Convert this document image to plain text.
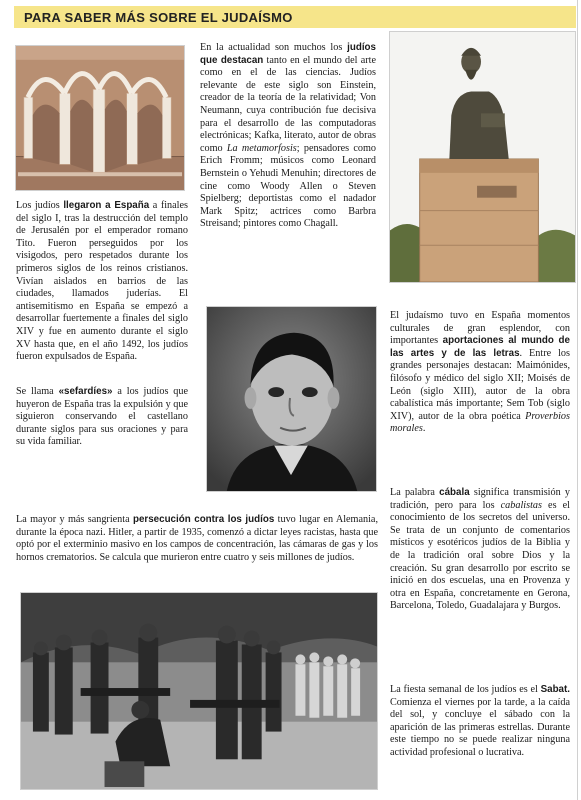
PARA SABER MÁS SOBRE EL JUDAÍSMO
Los judíos llegaron a España a finales del siglo I, tras la destrucción del templo de Jerusalén por el emperador romano Tito. Fueron perseguidos por los visigodos, pero respetados durante los primeros siglos de los reinos cristianos. Vivían aislados en barrios de las ciudades, llamados juderías. El antisemitismo en España se empezó a desarrollar fuertemente a finales del siglo XIV y fue en aumento durante el siglo XV hasta que, en el año 1492, los judíos fueron expulsados de España.
Se llama «sefardíes» a los judíos que huyeron de España tras la expulsión y que siguieron conservando el castellano durante siglos para sus oraciones y para su vida familiar.
En la actualidad son muchos los judíos que destacan tanto en el mundo del arte como en el de las ciencias. Judíos relevante de este siglo son Einstein, creador de la teoría de la relatividad; Von Neumann, cuya contribución fue decisiva para el desarrollo de las computadoras electrónicas; Kafka, literato, autor de obras como La metamorfosis; pensadores como Erich Fromm; músicos como Leonard Bernstein o Yehudi Menuhin; directores de cine como Woody Allen o Steven Spielberg; deportistas como el nadador Mark Spitz; actrices como Barbra Streisand; pintores como Chagall.
El judaísmo tuvo en España momentos culturales de gran esplendor, con importantes aportaciones al mundo de las artes y de las letras. Entre los grandes personajes destacan: Maimónides, filósofo y médico del siglo XII; Moisés de León (siglo XIII), autor de la obra cabalística más importante; Sem Tob (siglo XIV), autor de la obra poética Proverbios morales.
La mayor y más sangrienta persecución contra los judíos tuvo lugar en Alemania, durante la época nazi. Hitler, a partir de 1935, comenzó a dictar leyes racistas, hasta que optó por el exterminio masivo en los campos de concentración, las cámaras de gas y los hornos crematorios. Se calcula que murieron entre cuatro y seis millones de judíos.
La palabra cábala significa transmisión y tradición, pero para los cabalistas es el conocimiento de los secretos del universo. Se trata de un conjunto de comentarios místicos y esotéricos judíos de la Biblia y de la tradición oral sobre Dios y la creación. Su gran desarrollo por escrito se inició en dos escuelas, una en Provenza y otra en España, concretamente en Gerona, Barcelona, Toledo, Guadalajara y Burgos.
La fiesta semanal de los judíos es el Sabat. Comienza el viernes por la tarde, a la caída del sol, y concluye el sábado con la aparición de las primeras estrellas. Durante este tiempo no se puede realizar ninguna actividad profesional o lucrativa.
